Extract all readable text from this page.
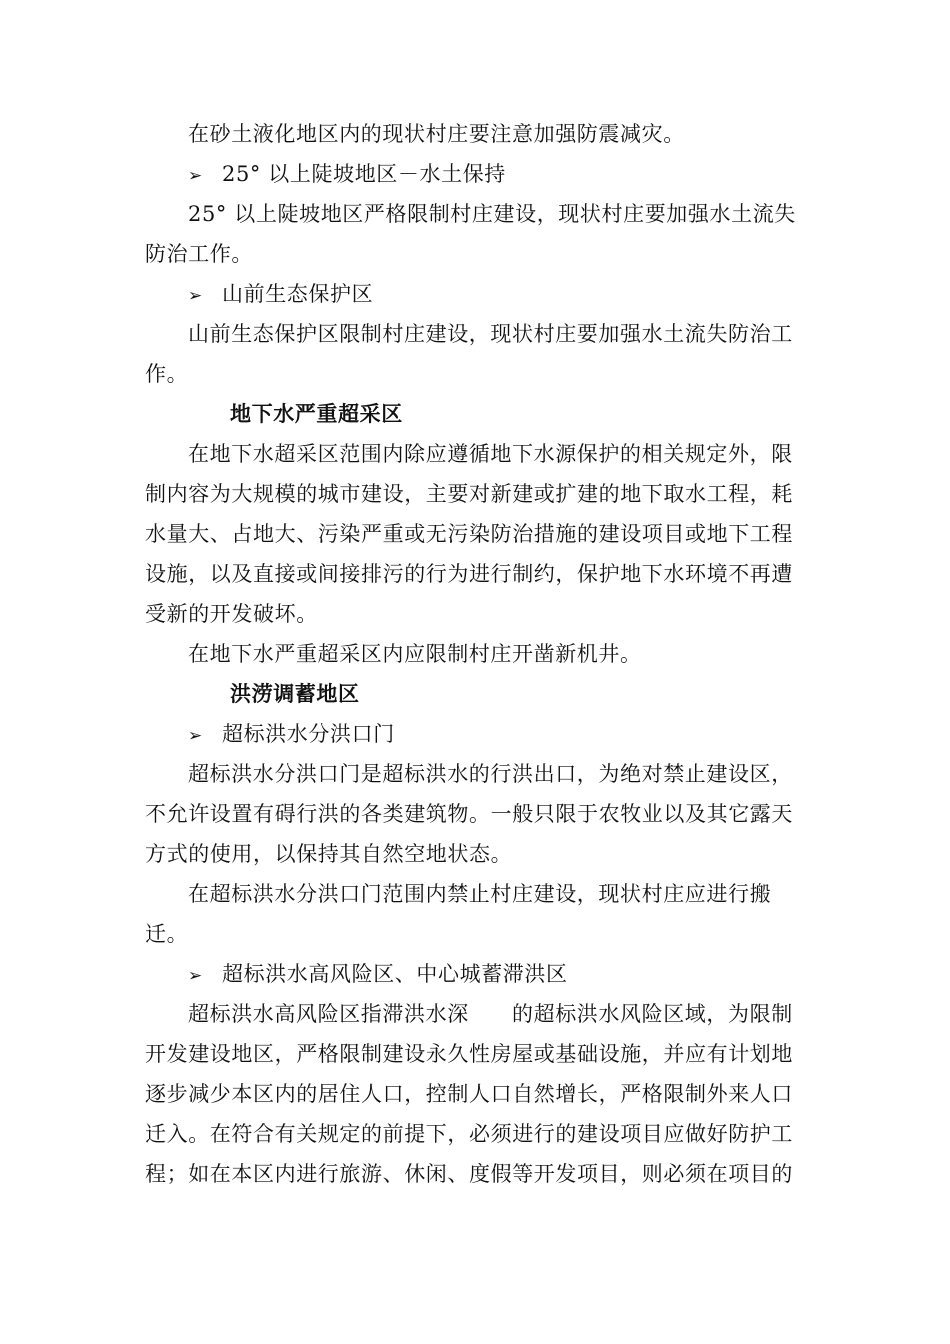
在砂土液化地区内的现状村庄要注意加强防震减灾。
➢ 25° 以上陡坡地区－水土保持
25° 以上陡坡地区严格限制村庄建设，现状村庄要加强水土流失
防治工作。
➢ 山前生态保护区
山前生态保护区限制村庄建设，现状村庄要加强水土流失防治工
作。
地下水严重超采区
在地下水超采区范围内除应遵循地下水源保护的相关规定外，限
制内容为大规模的城市建设，主要对新建或扩建的地下取水工程，耗
水量大、占地大、污染严重或无污染防治措施的建设项目或地下工程
设施，以及直接或间接排污的行为进行制约，保护地下水环境不再遭
受新的开发破坏。
在地下水严重超采区内应限制村庄开凿新机井。
洪涝调蓄地区
➢ 超标洪水分洪口门
超标洪水分洪口门是超标洪水的行洪出口，为绝对禁止建设区，
不允许设置有碍行洪的各类建筑物。一般只限于农牧业以及其它露天
方式的使用，以保持其自然空地状态。
在超标洪水分洪口门范围内禁止村庄建设，现状村庄应进行搬
迁。
➢ 超标洪水高风险区、中心城蓄滞洪区
超标洪水高风险区指滞洪水深　　的超标洪水风险区域，为限制
开发建设地区，严格限制建设永久性房屋或基础设施，并应有计划地
逐步减少本区内的居住人口，控制人口自然增长，严格限制外来人口
迁入。在符合有关规定的前提下，必须进行的建设项目应做好防护工
程；如在本区内进行旅游、休闲、度假等开发项目，则必须在项目的
